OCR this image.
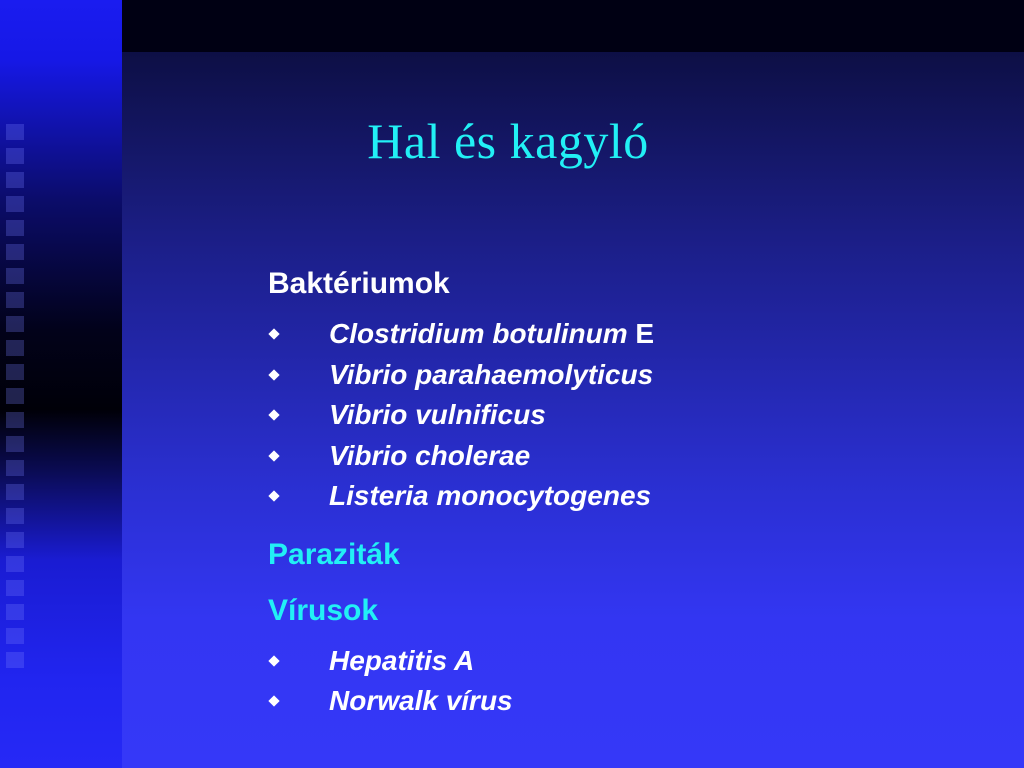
Hal és kagyló
Baktériumok
Clostridium botulinum E
Vibrio parahaemolyticus
Vibrio vulnificus
Vibrio cholerae
Listeria monocytogenes
Paraziták
Vírusok
Hepatitis A
Norwalk vírus
